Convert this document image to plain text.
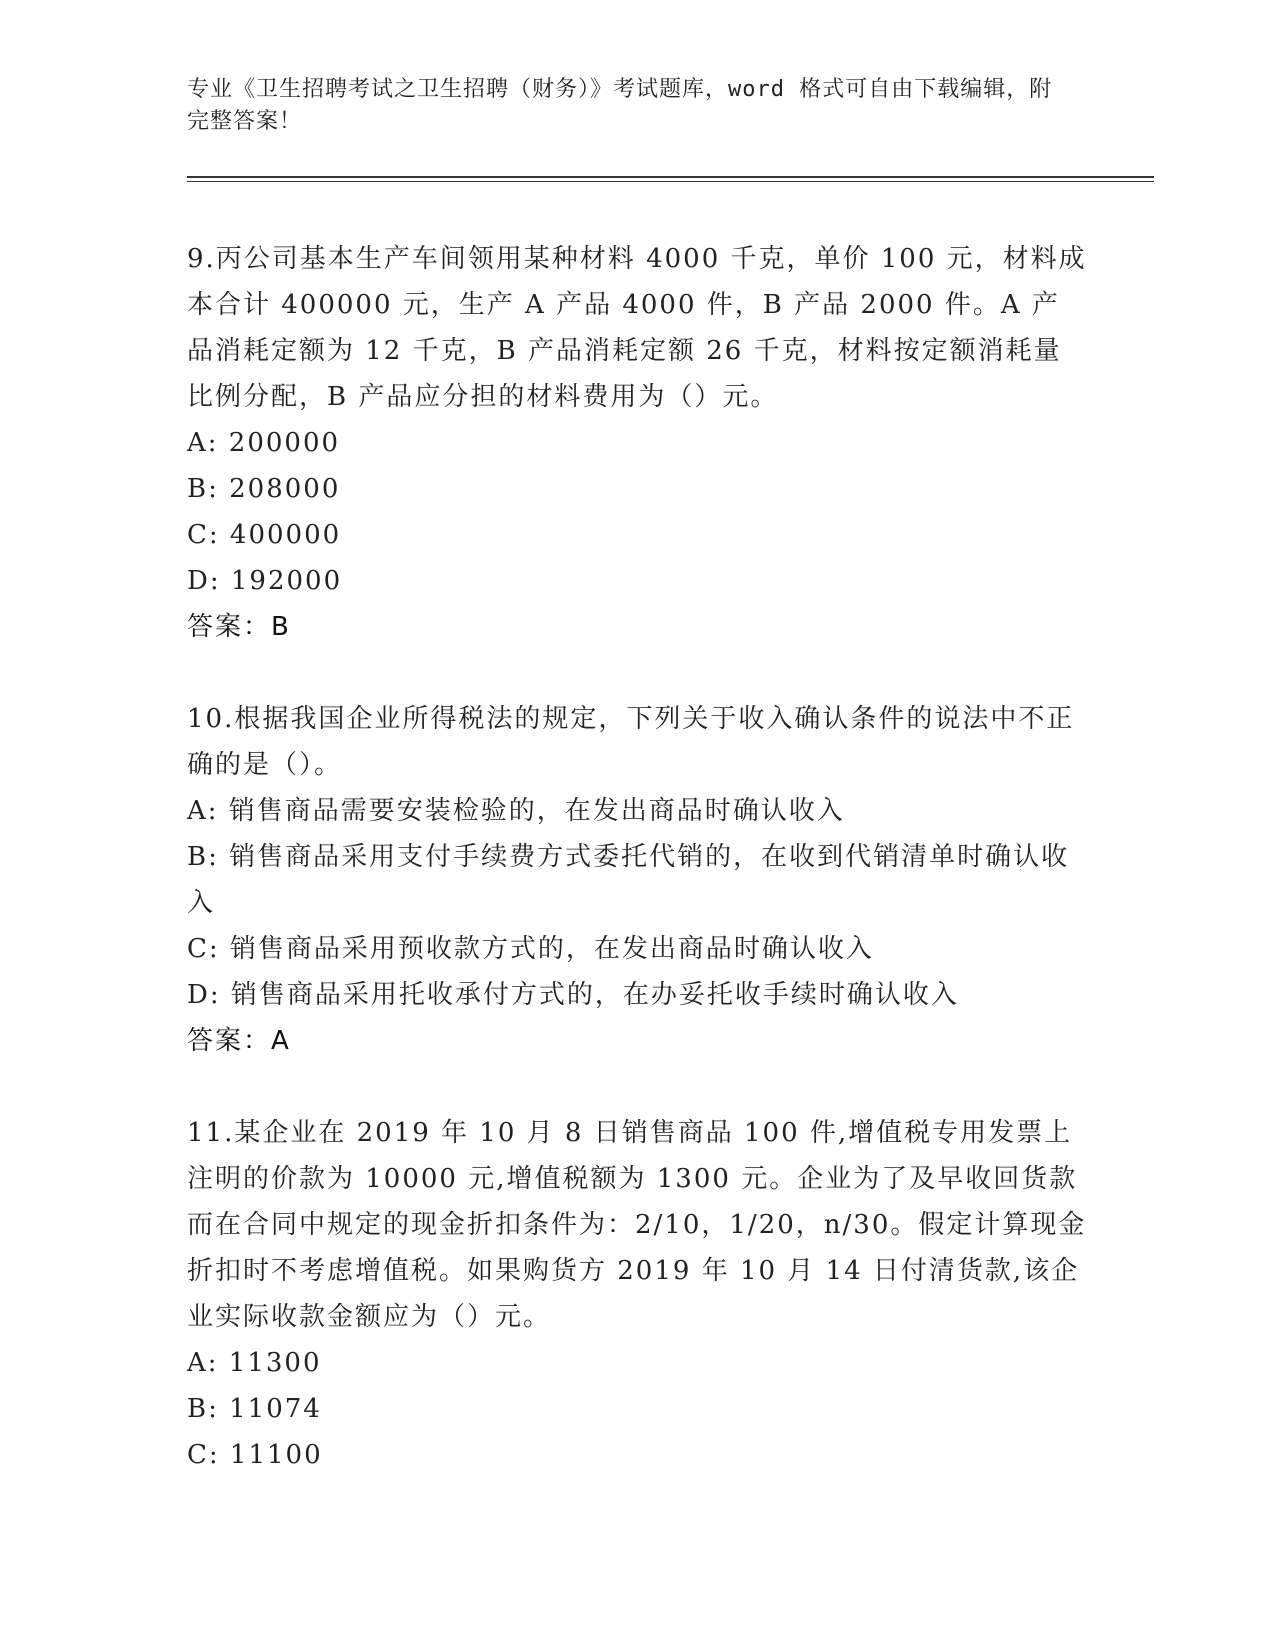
专业《卫生招聘考试之卫生招聘（财务）》考试题库，word 格式可自由下载编辑，附完整答案！

9.丙公司基本生产车间领用某种材料 4000 千克，单价 100 元，材料成本合计 400000 元，生产 A 产品 4000 件，B 产品 2000 件。A 产品消耗定额为 12 千克，B 产品消耗定额 26 千克，材料按定额消耗量比例分配，B 产品应分担的材料费用为（）元。

A: 200000

B: 208000

C: 400000

D: 192000

答案：B

10.根据我国企业所得税法的规定，下列关于收入确认条件的说法中不正确的是（）。

A: 销售商品需要安装检验的，在发出商品时确认收入

B: 销售商品采用支付手续费方式委托代销的，在收到代销清单时确认收入

C: 销售商品采用预收款方式的，在发出商品时确认收入

D: 销售商品采用托收承付方式的，在办妥托收手续时确认收入

答案：A

11.某企业在 2019 年 10 月 8 日销售商品 100 件,增值税专用发票上注明的价款为 10000 元,增值税额为 1300 元。企业为了及早收回货款而在合同中规定的现金折扣条件为：2/10，1/20，n/30。假定计算现金折扣时不考虑增值税。如果购货方 2019 年 10 月 14 日付清货款,该企业实际收款金额应为（）元。

A: 11300

B: 11074

C: 11100
